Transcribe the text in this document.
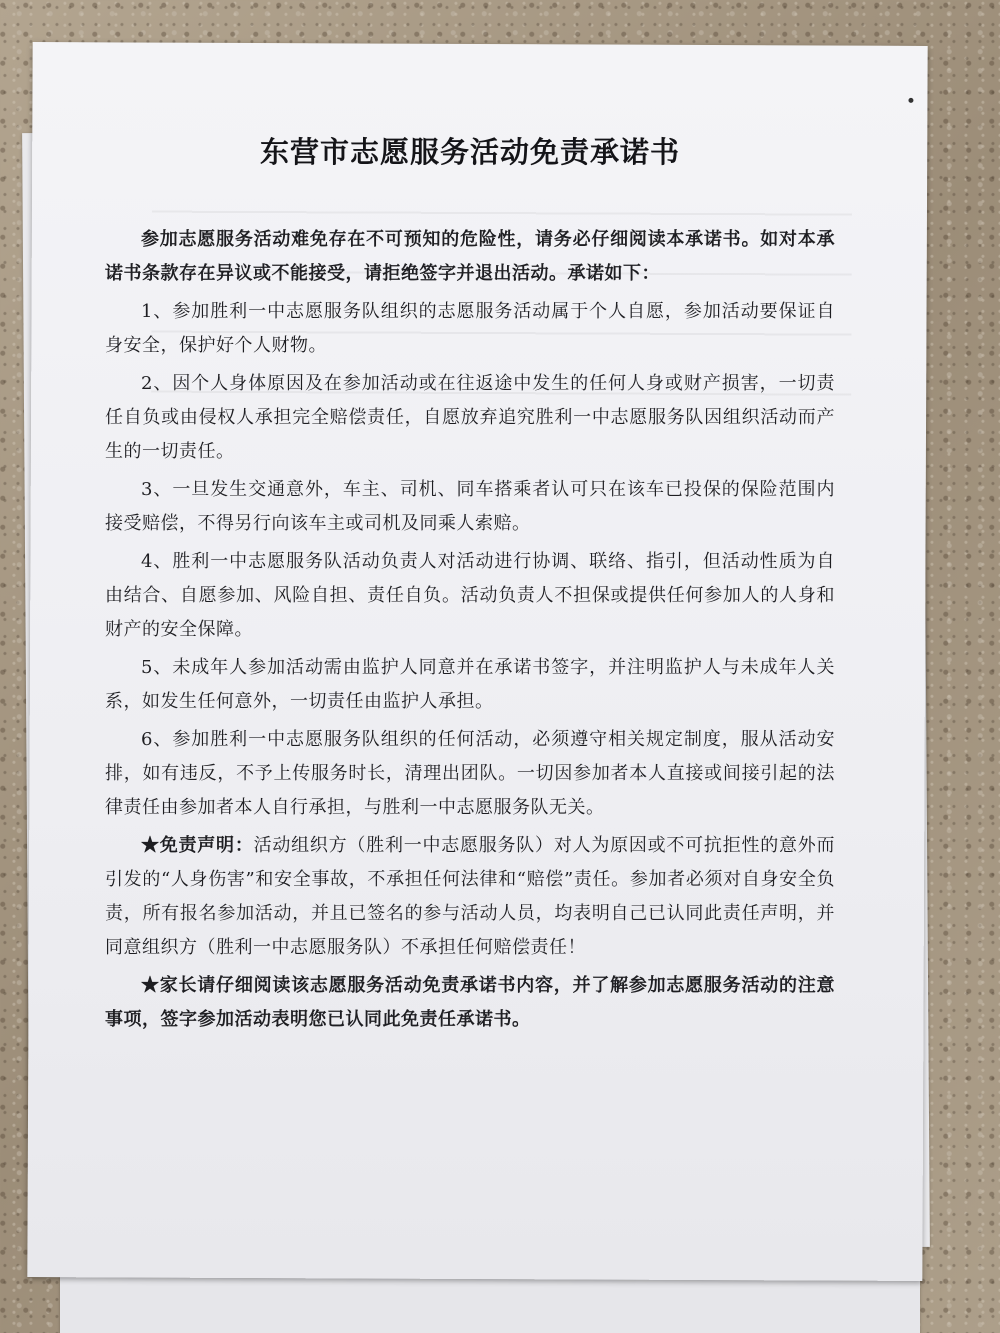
东营市志愿服务活动免责承诺书

参加志愿服务活动难免存在不可预知的危险性，请务必仔细阅读本承诺书。如对本承诺书条款存在异议或不能接受，请拒绝签字并退出活动。承诺如下：

1、参加胜利一中志愿服务队组织的志愿服务活动属于个人自愿，参加活动要保证自身安全，保护好个人财物。

2、因个人身体原因及在参加活动或在往返途中发生的任何人身或财产损害，一切责任自负或由侵权人承担完全赔偿责任，自愿放弃追究胜利一中志愿服务队因组织活动而产生的一切责任。

3、一旦发生交通意外，车主、司机、同车搭乘者认可只在该车已投保的保险范围内接受赔偿，不得另行向该车主或司机及同乘人索赔。

4、胜利一中志愿服务队活动负责人对活动进行协调、联络、指引，但活动性质为自由结合、自愿参加、风险自担、责任自负。活动负责人不担保或提供任何参加人的人身和财产的安全保障。

5、未成年人参加活动需由监护人同意并在承诺书签字，并注明监护人与未成年人关系，如发生任何意外，一切责任由监护人承担。

6、参加胜利一中志愿服务队组织的任何活动，必须遵守相关规定制度，服从活动安排，如有违反，不予上传服务时长，清理出团队。一切因参加者本人直接或间接引起的法律责任由参加者本人自行承担，与胜利一中志愿服务队无关。

★免责声明：活动组织方（胜利一中志愿服务队）对人为原因或不可抗拒性的意外而引发的“人身伤害”和安全事故，不承担任何法律和“赔偿”责任。参加者必须对自身安全负责，所有报名参加活动，并且已签名的参与活动人员，均表明自己已认同此责任声明，并同意组织方（胜利一中志愿服务队）不承担任何赔偿责任！

★家长请仔细阅读该志愿服务活动免责承诺书内容，并了解参加志愿服务活动的注意事项，签字参加活动表明您已认同此免责任承诺书。
